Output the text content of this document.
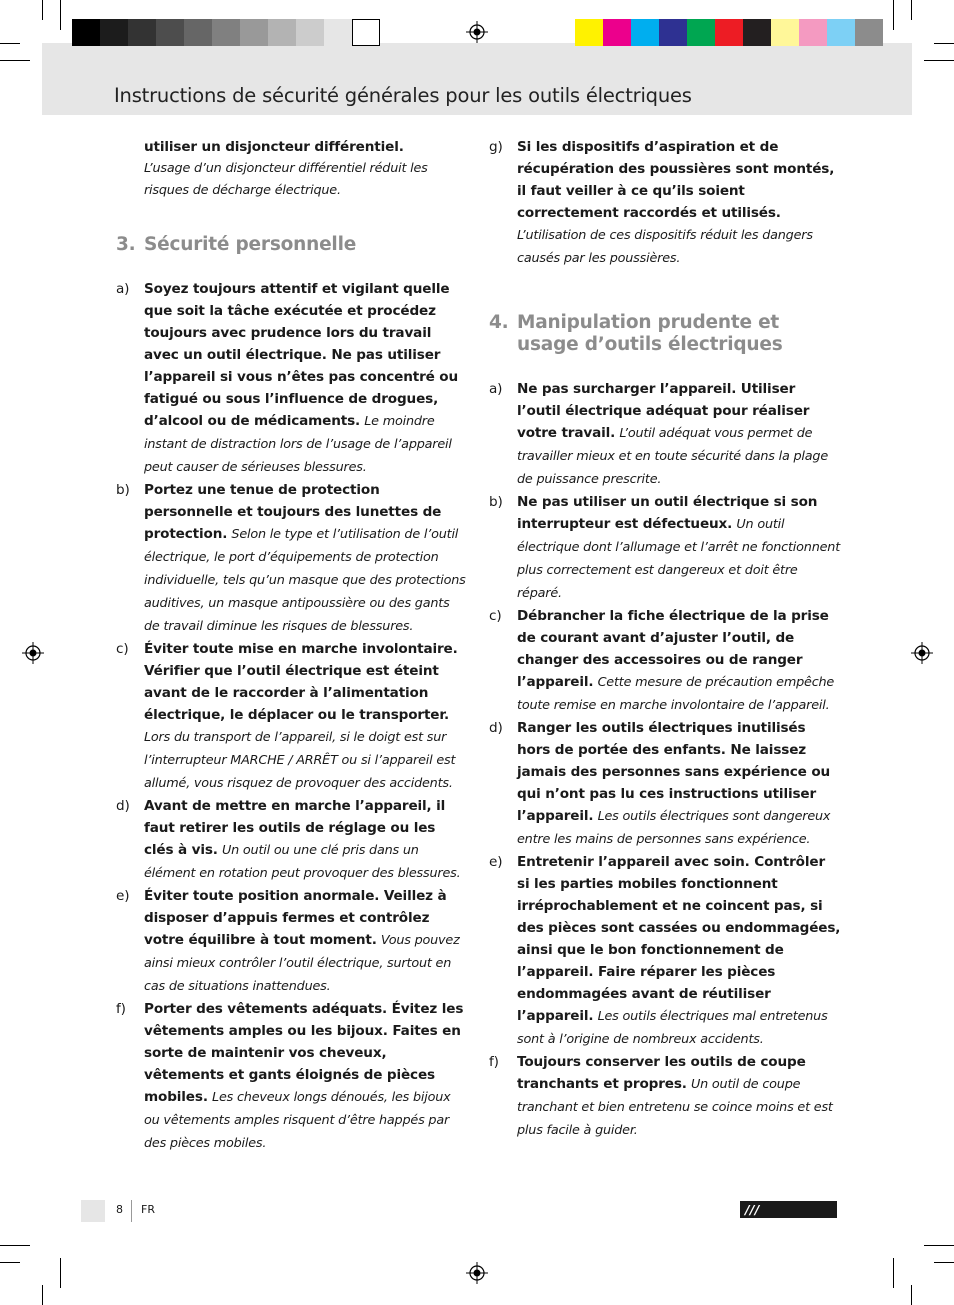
Instructions de sécurité générales pour les outils électriques
utiliser un disjoncteur différentiel.
L’usage d’un disjoncteur différentiel réduit les risques de décharge électrique.
3. Sécurité personnelle
a) Soyez toujours attentif et vigilant quelle que soit la tâche exécutée et procédez toujours avec prudence lors du travail avec un outil électrique. Ne pas utiliser l’appareil si vous n’êtes pas concentré ou fatigué ou sous l’influence de drogues, d’alcool ou de médicaments. Le moindre instant de distraction lors de l’usage de l’appareil peut causer de sérieuses blessures.
b) Portez une tenue de protection personnelle et toujours des lunettes de protection. Selon le type et l’utilisation de l’outil électrique, le port d’équipements de protection individuelle, tels qu’un masque que des protections auditives, un masque antipoussière ou des gants de travail diminue les risques de blessures.
c) Éviter toute mise en marche involontaire. Vérifier que l’outil électrique est éteint avant de le raccorder à l’alimentation électrique, le déplacer ou le transporter. Lors du transport de l’appareil, si le doigt est sur l’interrupteur MARCHE / ARRÊT ou si l’appareil est allumé, vous risquez de provoquer des accidents.
d) Avant de mettre en marche l’appareil, il faut retirer les outils de réglage ou les clés à vis. Un outil ou une clé pris dans un élément en rotation peut provoquer des blessures.
e) Éviter toute position anormale. Veillez à disposer d’appuis fermes et contrôlez votre équilibre à tout moment. Vous pouvez ainsi mieux contrôler l’outil électrique, surtout en cas de situations inattendues.
f) Porter des vêtements adéquats. Évitez les vêtements amples ou les bijoux. Faites en sorte de maintenir vos cheveux, vêtements et gants éloignés de pièces mobiles. Les cheveux longs dénoués, les bijoux ou vêtements amples risquent d’être happés par des pièces mobiles.
g) Si les dispositifs d’aspiration et de récupération des poussières sont montés, il faut veiller à ce qu’ils soient correctement raccordés et utilisés. L’utilisation de ces dispositifs réduit les dangers causés par les poussières.
4. Manipulation prudente et usage d’outils électriques
a) Ne pas surcharger l’appareil. Utiliser l’outil électrique adéquat pour réaliser votre travail. L’outil adéquat vous permet de travailler mieux et en toute sécurité dans la plage de puissance prescrite.
b) Ne pas utiliser un outil électrique si son interrupteur est défectueux. Un outil électrique dont l’allumage et l’arrêt ne fonctionnent plus correctement est dangereux et doit être réparé.
c) Débrancher la fiche électrique de la prise de courant avant d’ajuster l’outil, de changer des accessoires ou de ranger l’appareil. Cette mesure de précaution empêche toute remise en marche involontaire de l’appareil.
d) Ranger les outils électriques inutilisés hors de portée des enfants. Ne laissez jamais des personnes sans expérience ou qui n’ont pas lu ces instructions utiliser l’appareil. Les outils électriques sont dangereux entre les mains de personnes sans expérience.
e) Entretenir l’appareil avec soin. Contrôler si les parties mobiles fonctionnent irréprochablement et ne coincent pas, si des pièces sont cassées ou endommagées, ainsi que le bon fonctionnement de l’appareil. Faire réparer les pièces endommagées avant de réutiliser l’appareil. Les outils électriques mal entretenus sont à l’origine de nombreux accidents.
f) Toujours conserver les outils de coupe tranchants et propres. Un outil de coupe tranchant et bien entretenu se coince moins et est plus facile à guider.
8 FR	/// PARKSIDE
